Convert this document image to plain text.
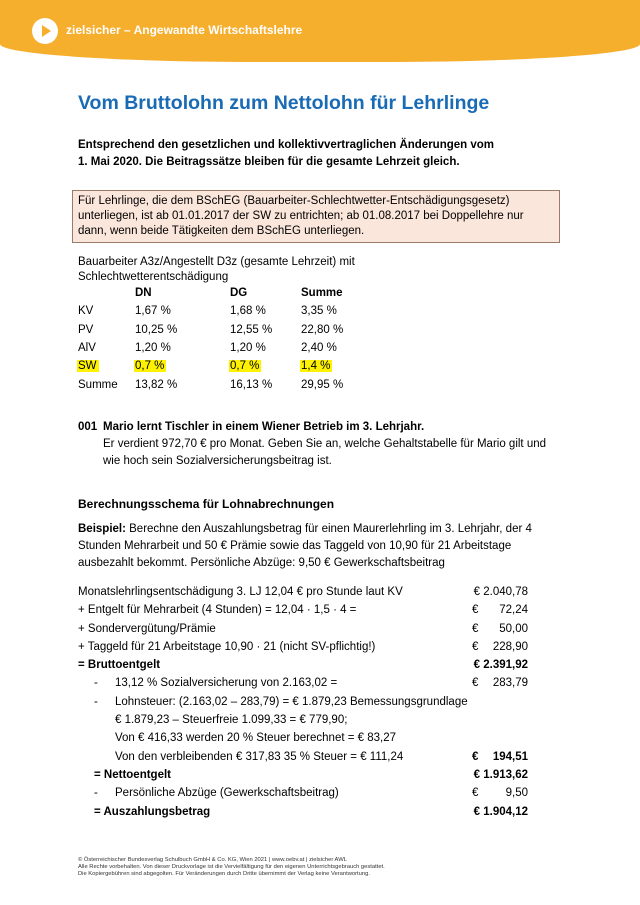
zielsicher – Angewandte Wirtschaftslehre
Vom Bruttolohn zum Nettolohn für Lehrlinge
Entsprechend den gesetzlichen und kollektivvertraglichen Änderungen vom
1. Mai 2020. Die Beitragssätze bleiben für die gesamte Lehrzeit gleich.
Für Lehrlinge, die dem BSchEG (Bauarbeiter-Schlechtwetter-Entschädigungsgesetz)
unterliegen, ist ab 01.01.2017 der SW zu entrichten; ab 01.08.2017 bei Doppellehre nur
dann, wenn beide Tätigkeiten dem BSchEG unterliegen.
Bauarbeiter A3z/Angestellt D3z (gesamte Lehrzeit) mit
Schlechtwetterentschädigung
	DN	DG	Summe
KV	1,67 %	1,68 %	3,35 %
PV	10,25 %	12,55 %	22,80 %
AlV	1,20 %	1,20 %	2,40 %
SW	0,7 %	0,7 %	1,4 %
Summe	13,82 %	16,13 %	29,95 %
001 Mario lernt Tischler in einem Wiener Betrieb im 3. Lehrjahr.
Er verdient 972,70 € pro Monat. Geben Sie an, welche Gehaltstabelle für Mario gilt und
wie hoch sein Sozialversicherungsbeitrag ist.
Berechnungsschema für Lohnabrechnungen
Beispiel: Berechne den Auszahlungsbetrag für einen Maurerlehrling im 3. Lehrjahr, der 4
Stunden Mehrarbeit und 50 € Prämie sowie das Taggeld von 10,90 für 21 Arbeitstage
ausbezahlt bekommt. Persönliche Abzüge: 9,50 € Gewerkschaftsbeitrag
Monatslehrlingsentschädigung 3. LJ 12,04 € pro Stunde laut KV	€ 2.040,78
+ Entgelt für Mehrarbeit (4 Stunden) = 12,04 · 1,5 · 4 =	€ 72,24
+ Sondervergütung/Prämie	€ 50,00
+ Taggeld für 21 Arbeitstage 10,90 · 21 (nicht SV-pflichtig!)	€ 228,90
= Bruttoentgelt	€ 2.391,92
- 13,12 % Sozialversicherung von 2.163,02 =	€ 283,79
- Lohnsteuer: (2.163,02 – 283,79) = € 1.879,23 Bemessungsgrundlage
€ 1.879,23 – Steuerfreie 1.099,33 = € 779,90;
Von € 416,33 werden 20 % Steuer berechnet = € 83,27
Von den verbleibenden € 317,83 35 % Steuer = € 111,24	€ 194,51
= Nettoentgelt	€ 1.913,62
- Persönliche Abzüge (Gewerkschaftsbeitrag)	€ 9,50
= Auszahlungsbetrag	€ 1.904,12
© Österreichischer Bundesverlag Schulbuch GmbH & Co. KG, Wien 2021 | www.oebv.at | zielsicher AWL
Alle Rechte vorbehalten. Von dieser Druckvorlage ist die Vervielfältigung für den eigenen Unterrichtsgebrauch gestattet.
Die Kopiergebühren sind abgegolten. Für Veränderungen durch Dritte übernimmt der Verlag keine Verantwortung.
